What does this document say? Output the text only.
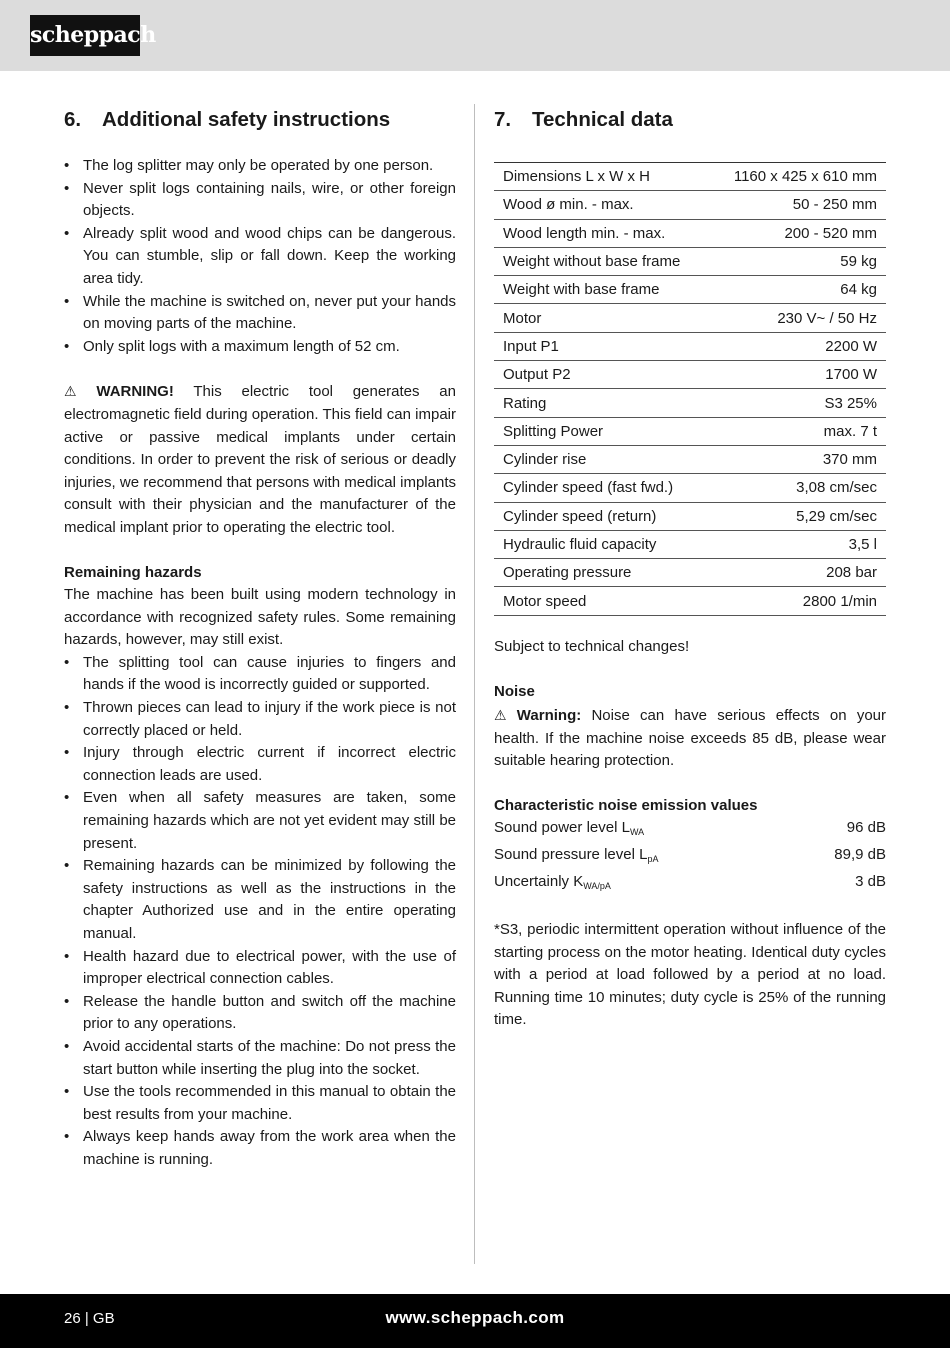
scheppach
6. Additional safety instructions
• The log splitter may only be operated by one person.
• Never split logs containing nails, wire, or other foreign objects.
• Already split wood and wood chips can be dangerous. You can stumble, slip or fall down. Keep the working area tidy.
• While the machine is switched on, never put your hands on moving parts of the machine.
• Only split logs with a maximum length of 52 cm.

⚠ WARNING! This electric tool generates an electromagnetic field during operation. This field can impair active or passive medical implants under certain conditions. In order to prevent the risk of serious or deadly injuries, we recommend that persons with medical implants consult with their physician and the manufacturer of the medical implant prior to operating the electric tool.

Remaining hazards

The machine has been built using modern technology in accordance with recognized safety rules. Some remaining hazards, however, may still exist.

• The splitting tool can cause injuries to fingers and hands if the wood is incorrectly guided or supported.
• Thrown pieces can lead to injury if the work piece is not correctly placed or held.
• Injury through electric current if incorrect electric connection leads are used.
• Even when all safety measures are taken, some remaining hazards which are not yet evident may still be present.
• Remaining hazards can be minimized by following the safety instructions as well as the instructions in the chapter Authorized use and in the entire operating manual.
• Health hazard due to electrical power, with the use of improper electrical connection cables.
• Release the handle button and switch off the machine prior to any operations.
• Avoid accidental starts of the machine: Do not press the start button while inserting the plug into the socket.
• Use the tools recommended in this manual to obtain the best results from your machine.
• Always keep hands away from the work area when the machine is running.
7. Technical data
Dimensions L x W x H	1160 x 425 x 610 mm
Wood ø min. - max.	50 - 250 mm
Wood length min. - max.	200 - 520 mm
Weight without base frame	59 kg
Weight with base frame	64 kg
Motor	230 V~ / 50 Hz
Input P1	2200 W
Output P2	1700 W
Rating	S3 25%
Splitting Power	max. 7 t
Cylinder rise	370 mm
Cylinder speed (fast fwd.)	3,08 cm/sec
Cylinder speed (return)	5,29 cm/sec
Hydraulic fluid capacity	3,5 l
Operating pressure	208 bar
Motor speed	2800 1/min

Subject to technical changes!

Noise

⚠ Warning: Noise can have serious effects on your health. If the machine noise exceeds 85 dB, please wear suitable hearing protection.

Characteristic noise emission values

Sound power level $L_{WA}$	96 dB
Sound pressure level $L_{pA}$	89,9 dB
Uncertainly $K_{WA/pA}$	3 dB

*S3, periodic intermittent operation without influence of the starting process on the motor heating. Identical duty cycles with a period at load followed by a period at no load. Running time 10 minutes; duty cycle is 25% of the running time.

26 | GB	www.scheppach.com
